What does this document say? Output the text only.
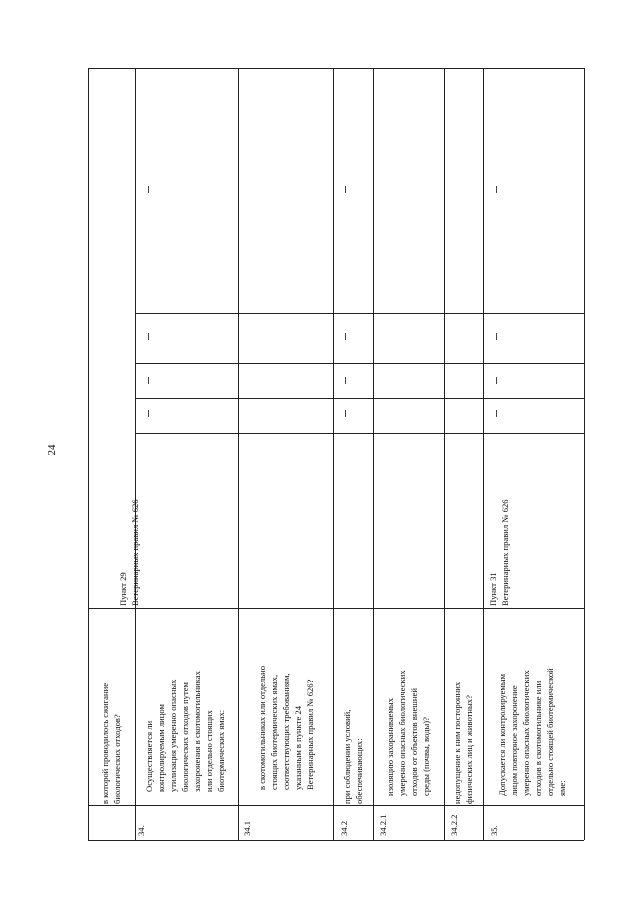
24
в которой проводилось сжигание
биологических отходов?
34.
Осуществляется ли
контролируемым лицом
утилизация умеренно опасных
биологических отходов путем
захоронения в скотомогильниках
или отдельно стоящих
биотермических ямах:
Пункт 29
Ветеринарных правил № 626
34.1
в скотомогильниках или отдельно
стоящих биотермических ямах,
соответствующих требованиям,
указанным в пункте 24
Ветеринарных правил № 626?
34.2
при соблюдении условий,
обеспечивающих:
34.2.1
изоляцию захораниваемых
умеренно опасных биологических
отходов от объектов внешней
среды (почвы, воды)?
34.2.2
недопущение к ним посторонних
физических лиц и животных?
35.
Допускается ли контролируемым
лицом повторное захоронение
умеренно опасных биологических
отходов в скотомогильнике или
отдельно стоящей биотермической
яме:
Пункт 31
Ветеринарных правил № 626
